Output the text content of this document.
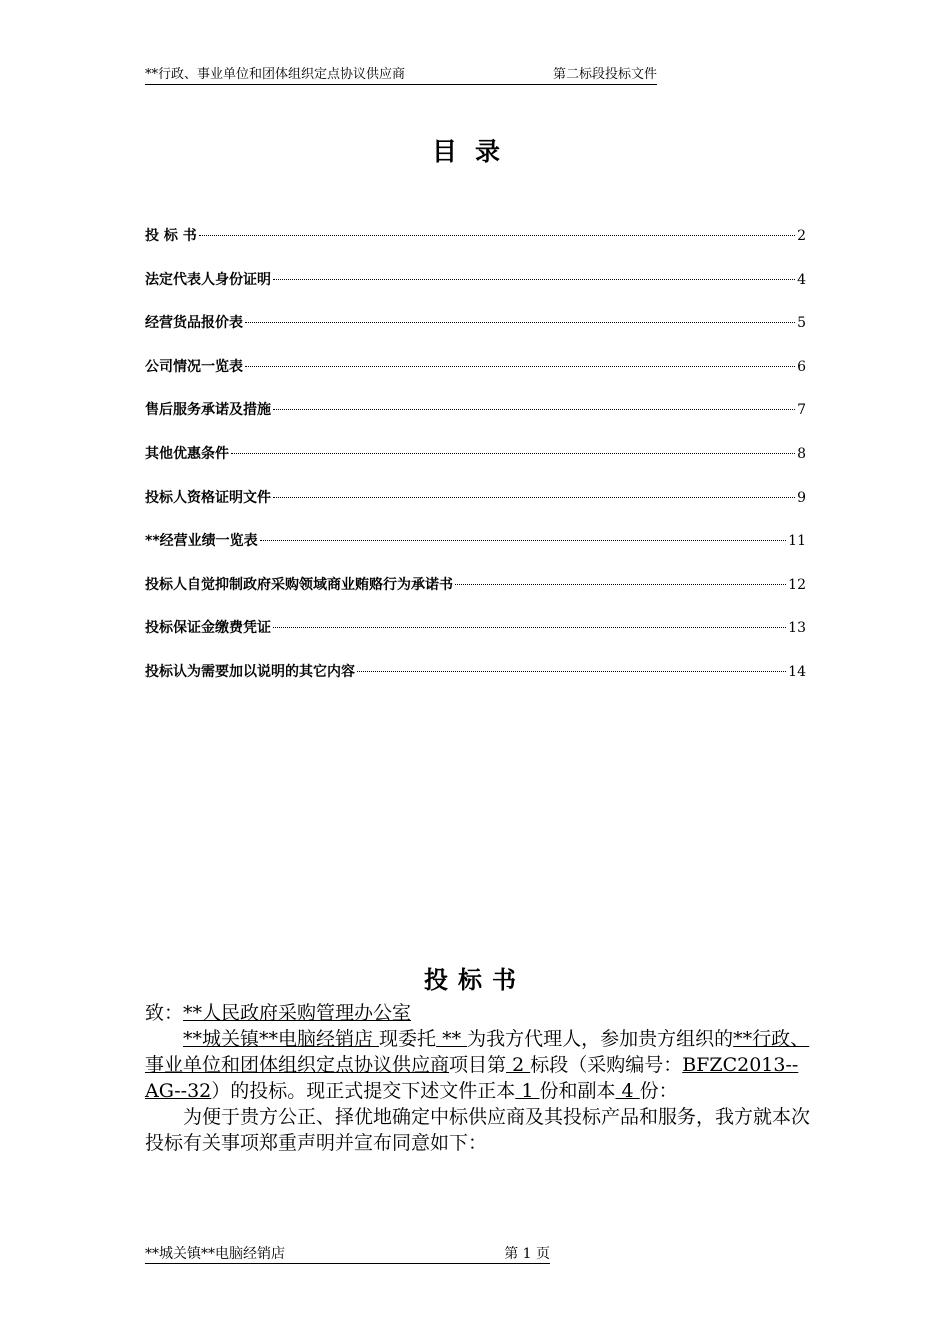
**行政、事业单位和团体组织定点协议供应商	第二标段投标文件
目录
投 标 书	2
法定代表人身份证明	4
经营货品报价表	5
公司情况一览表	6
售后服务承诺及措施	7
其他优惠条件	8
投标人资格证明文件	9
**经营业绩一览表	11
投标人自觉抑制政府采购领域商业贿赂行为承诺书	12
投标保证金缴费凭证	13
投标认为需要加以说明的其它内容	14
投标书

致：**人民政府采购管理办公室

**城关镇**电脑经销店 现委托 ** 为我方代理人，参加贵方组织的**行政、事业单位和团体组织定点协议供应商项目第 2 标段（采购编号：BFZC2013--AG--32）的投标。现正式提交下述文件正本 1 份和副本 4 份：

为便于贵方公正、择优地确定中标供应商及其投标产品和服务，我方就本次投标有关事项郑重声明并宣布同意如下：

**城关镇**电脑经销店	第 1 页
